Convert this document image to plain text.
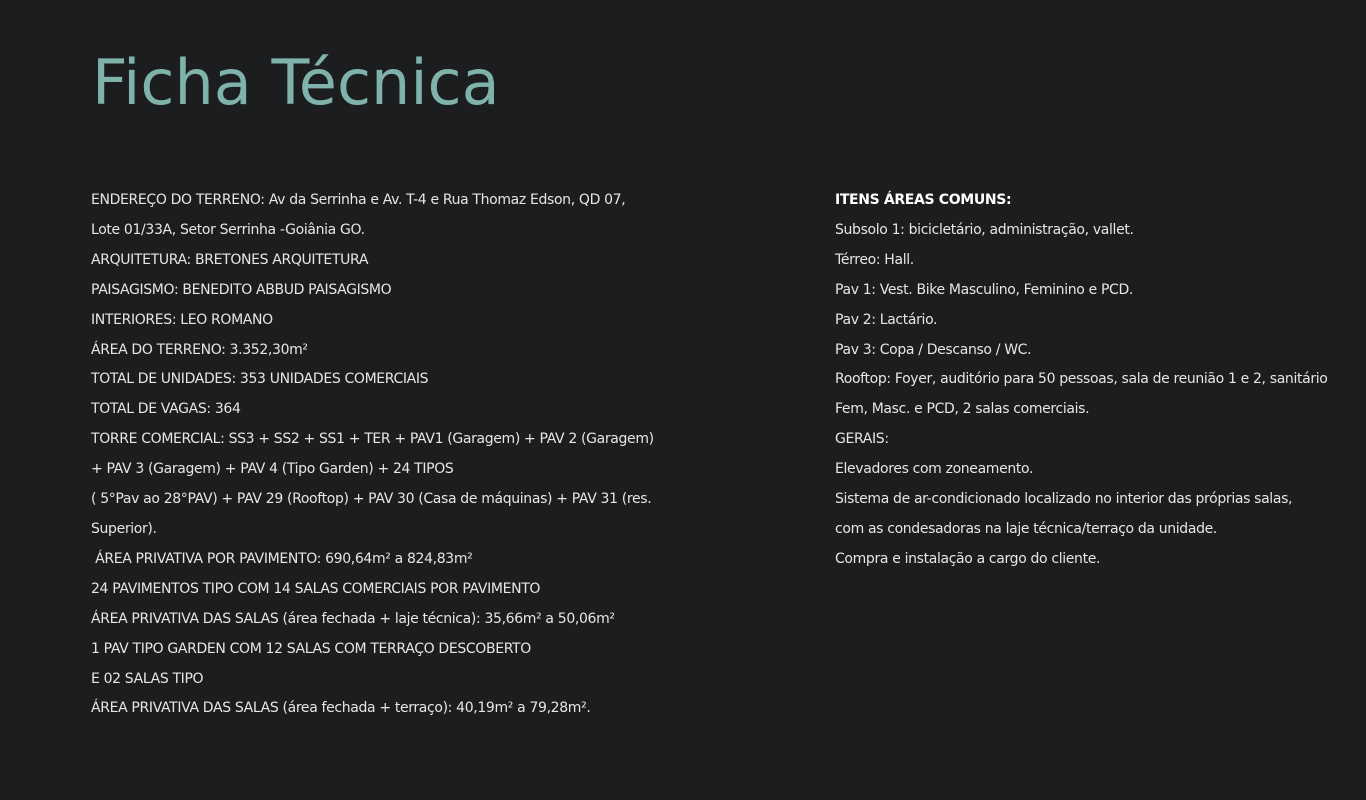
Ficha Técnica

ENDEREÇO DO TERRENO: Av da Serrinha e Av. T-4 e Rua Thomaz Edson, QD 07,

Lote 01/33A, Setor Serrinha -Goiânia GO.

ARQUITETURA: BRETONES ARQUITETURA

PAISAGISMO: BENEDITO ABBUD PAISAGISMO

INTERIORES: LEO ROMANO

ÁREA DO TERRENO: 3.352,30m²

TOTAL DE UNIDADES: 353 UNIDADES COMERCIAIS

TOTAL DE VAGAS: 364

TORRE COMERCIAL: SS3 + SS2 + SS1 + TER + PAV1 (Garagem) + PAV 2 (Garagem)

+ PAV 3 (Garagem) + PAV 4 (Tipo Garden) + 24 TIPOS

( 5°Pav ao 28°PAV) + PAV 29 (Rooftop) + PAV 30 (Casa de máquinas) + PAV 31 (res.

Superior).

ÁREA PRIVATIVA POR PAVIMENTO: 690,64m² a 824,83m²

24 PAVIMENTOS TIPO COM 14 SALAS COMERCIAIS POR PAVIMENTO

ÁREA PRIVATIVA DAS SALAS (área fechada + laje técnica): 35,66m² a 50,06m²

1 PAV TIPO GARDEN COM 12 SALAS COM TERRAÇO DESCOBERTO

E 02 SALAS TIPO

ÁREA PRIVATIVA DAS SALAS (área fechada + terraço): 40,19m² a 79,28m².

ITENS ÁREAS COMUNS:

Subsolo 1: bicicletário, administração, vallet.

Térreo: Hall.

Pav 1: Vest. Bike Masculino, Feminino e PCD.

Pav 2: Lactário.

Pav 3: Copa / Descanso / WC.

Rooftop: Foyer, auditório para 50 pessoas, sala de reunião 1 e 2, sanitário

Fem, Masc. e PCD, 2 salas comerciais.

GERAIS:

Elevadores com zoneamento.

Sistema de ar-condicionado localizado no interior das próprias salas,

com as condesadoras na laje técnica/terraço da unidade.

Compra e instalação a cargo do cliente.
